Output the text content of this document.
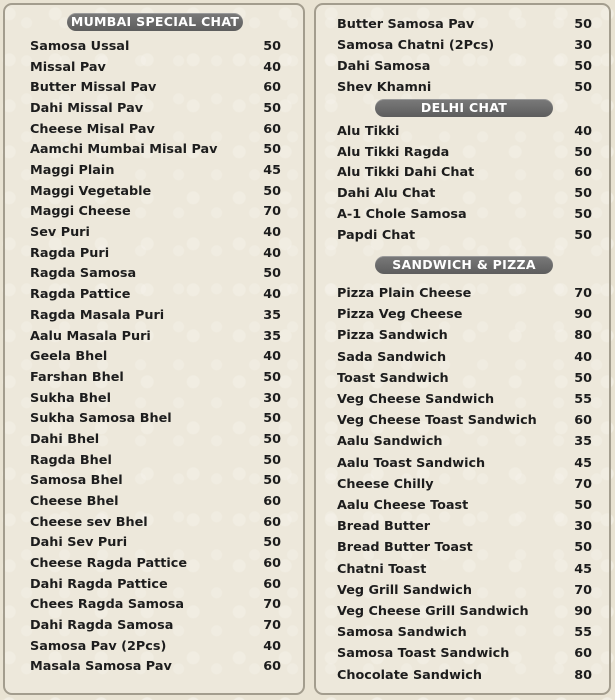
MUMBAI SPECIAL CHAT
Samosa Ussal	50
Missal Pav	40
Butter Missal Pav	60
Dahi Missal Pav	50
Cheese Misal Pav	60
Aamchi Mumbai Misal Pav	50
Maggi Plain	45
Maggi Vegetable	50
Maggi Cheese	70
Sev Puri	40
Ragda Puri	40
Ragda Samosa	50
Ragda Pattice	40
Ragda Masala Puri	35
Aalu Masala Puri	35
Geela Bhel	40
Farshan Bhel	50
Sukha Bhel	30
Sukha Samosa Bhel	50
Dahi Bhel	50
Ragda Bhel	50
Samosa Bhel	50
Cheese Bhel	60
Cheese sev Bhel	60
Dahi Sev Puri	50
Cheese Ragda Pattice	60
Dahi Ragda Pattice	60
Chees Ragda Samosa	70
Dahi Ragda Samosa	70
Samosa Pav (2Pcs)	40
Masala Samosa Pav	60
Butter Samosa Pav	50
Samosa Chatni (2Pcs)	30
Dahi Samosa	50
Shev Khamni	50
DELHI CHAT
Alu Tikki	40
Alu Tikki Ragda	50
Alu Tikki Dahi Chat	60
Dahi Alu Chat	50
A-1 Chole Samosa	50
Papdi Chat	50
SANDWICH & PIZZA
Pizza Plain Cheese	70
Pizza Veg Cheese	90
Pizza Sandwich	80
Sada Sandwich	40
Toast Sandwich	50
Veg Cheese Sandwich	55
Veg Cheese Toast Sandwich	60
Aalu Sandwich	35
Aalu Toast Sandwich	45
Cheese Chilly	70
Aalu Cheese Toast	50
Bread Butter	30
Bread Butter Toast	50
Chatni Toast	45
Veg Grill Sandwich	70
Veg Cheese Grill Sandwich	90
Samosa Sandwich	55
Samosa Toast Sandwich	60
Chocolate Sandwich	80
